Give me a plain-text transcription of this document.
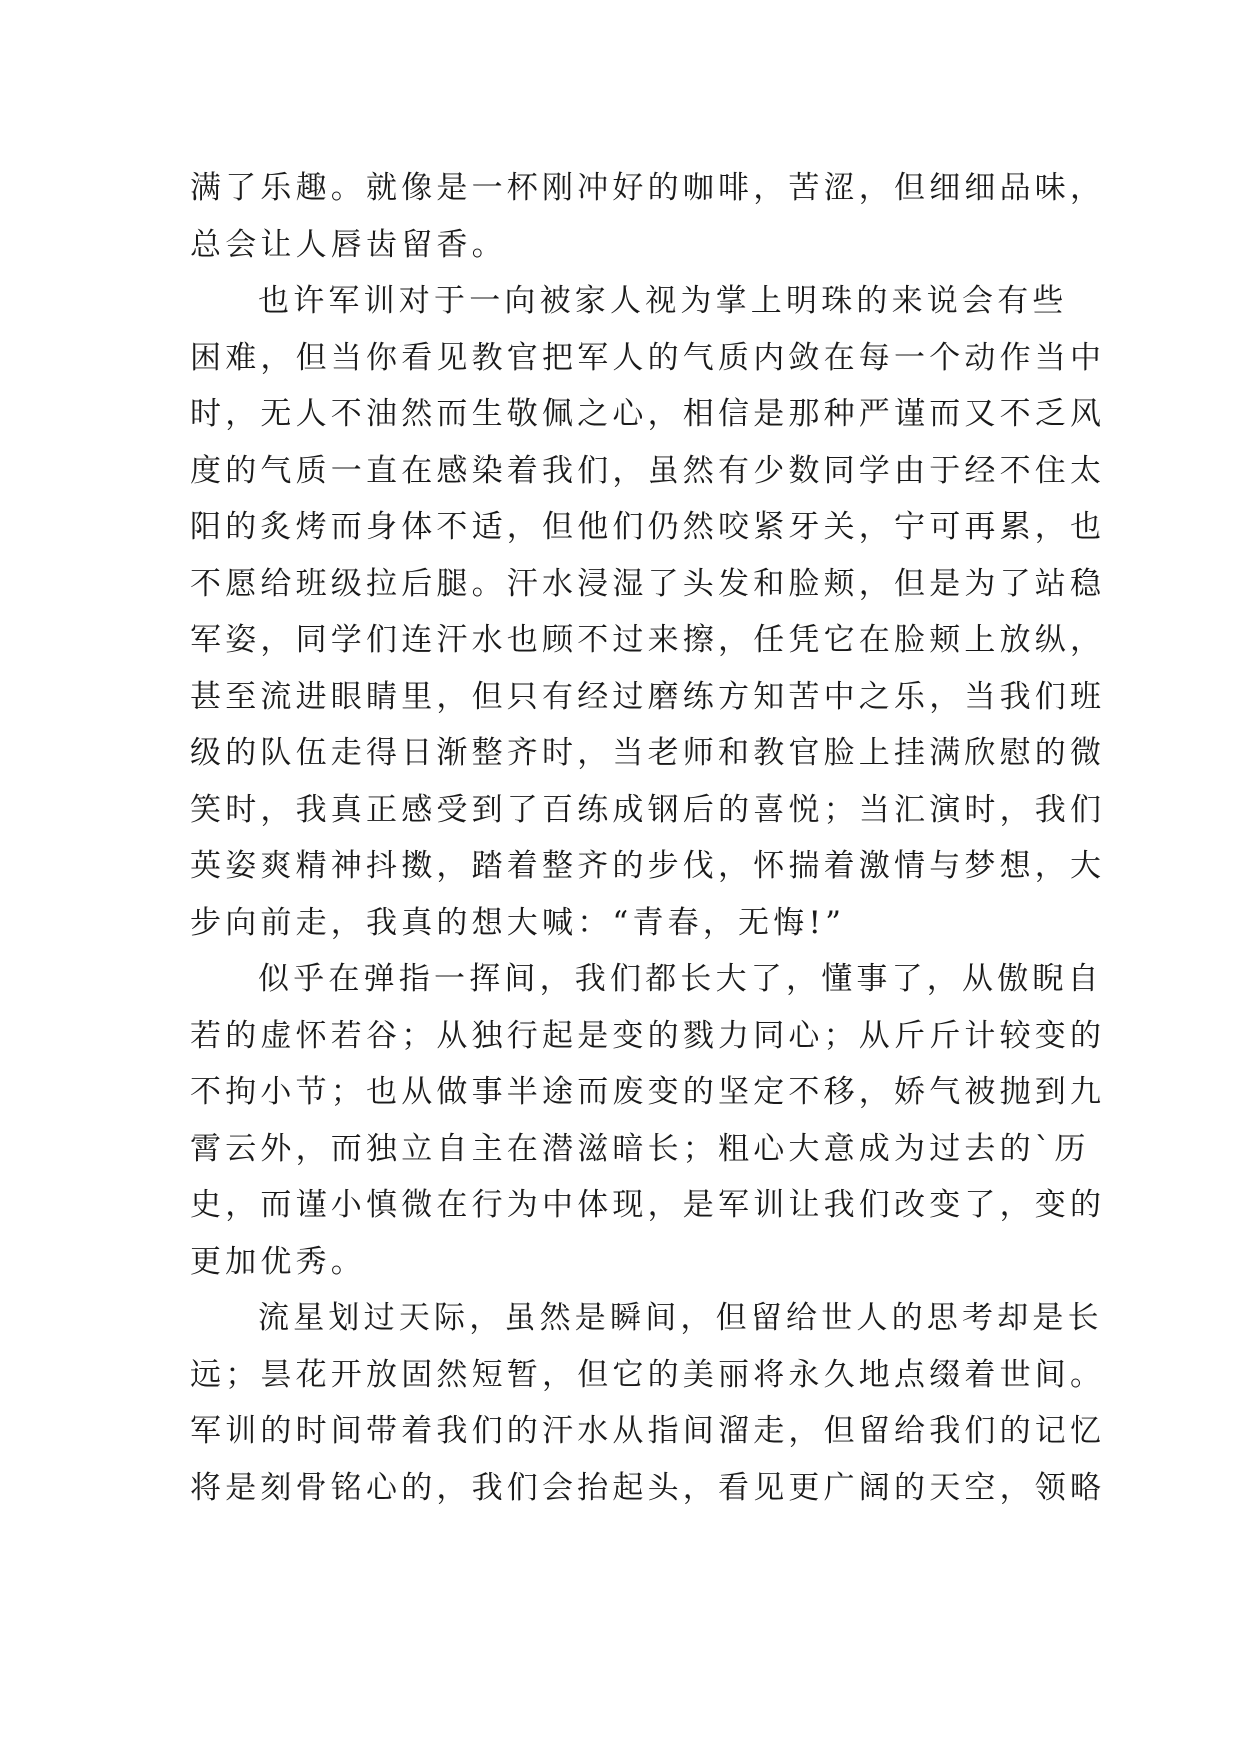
满了乐趣。就像是一杯刚冲好的咖啡，苦涩，但细细品味，
总会让人唇齿留香。
也许军训对于一向被家人视为掌上明珠的来说会有些
困难，但当你看见教官把军人的气质内敛在每一个动作当中
时，无人不油然而生敬佩之心，相信是那种严谨而又不乏风
度的气质一直在感染着我们，虽然有少数同学由于经不住太
阳的炙烤而身体不适，但他们仍然咬紧牙关，宁可再累，也
不愿给班级拉后腿。汗水浸湿了头发和脸颊，但是为了站稳
军姿，同学们连汗水也顾不过来擦，任凭它在脸颊上放纵，
甚至流进眼睛里，但只有经过磨练方知苦中之乐，当我们班
级的队伍走得日渐整齐时，当老师和教官脸上挂满欣慰的微
笑时，我真正感受到了百练成钢后的喜悦；当汇演时，我们
英姿爽精神抖擞，踏着整齐的步伐，怀揣着激情与梦想，大
步向前走，我真的想大喊：“青春，无悔!”
似乎在弹指一挥间，我们都长大了，懂事了，从傲睨自
若的虚怀若谷；从独行起是变的戮力同心；从斤斤计较变的
不拘小节；也从做事半途而废变的坚定不移，娇气被抛到九
霄云外，而独立自主在潜滋暗长；粗心大意成为过去的`历
史，而谨小慎微在行为中体现，是军训让我们改变了，变的
更加优秀。
流星划过天际，虽然是瞬间，但留给世人的思考却是长
远；昙花开放固然短暂，但它的美丽将永久地点缀着世间。
军训的时间带着我们的汗水从指间溜走，但留给我们的记忆
将是刻骨铭心的，我们会抬起头，看见更广阔的天空，领略
